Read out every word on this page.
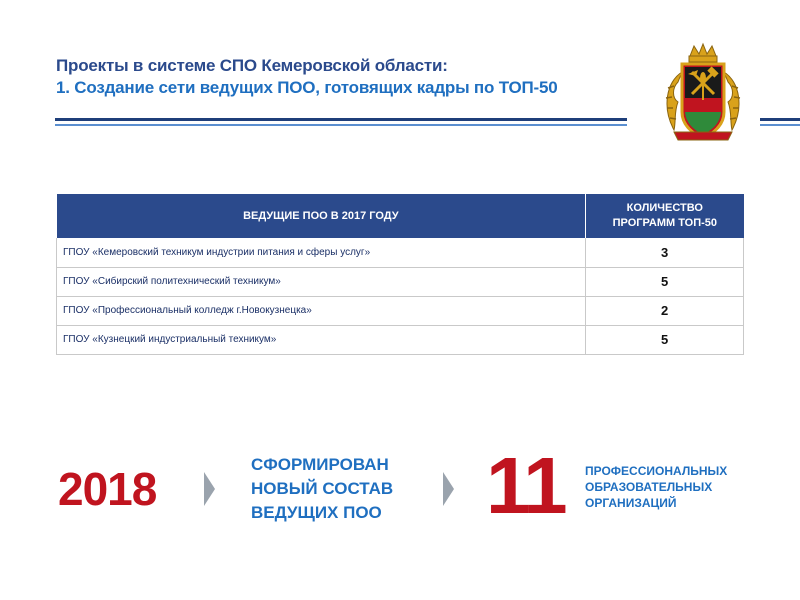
Проекты в системе СПО Кемеровской области:
1. Создание сети ведущих ПОО, готовящих кадры по ТОП-50
ВЕДУЩИЕ ПОО В 2017 ГОДУ	КОЛИЧЕСТВО
ПРОГРАММ ТОП-50

ГПОУ «Кемеровский техникум индустрии питания и сферы услуг»	3
ГПОУ «Сибирский политехнический техникум»	5
ГПОУ «Профессиональный колледж г.Новокузнецка»	2
ГПОУ «Кузнецкий индустриальный техникум»	5
2018	СФОРМИРОВАН
НОВЫЙ СОСТАВ
ВЕДУЩИХ ПОО 11 ПРОФЕССИОНАЛЬНЫХ
ОБРАЗОВАТЕЛЬНЫХ
ОРГАНИЗАЦИЙ
